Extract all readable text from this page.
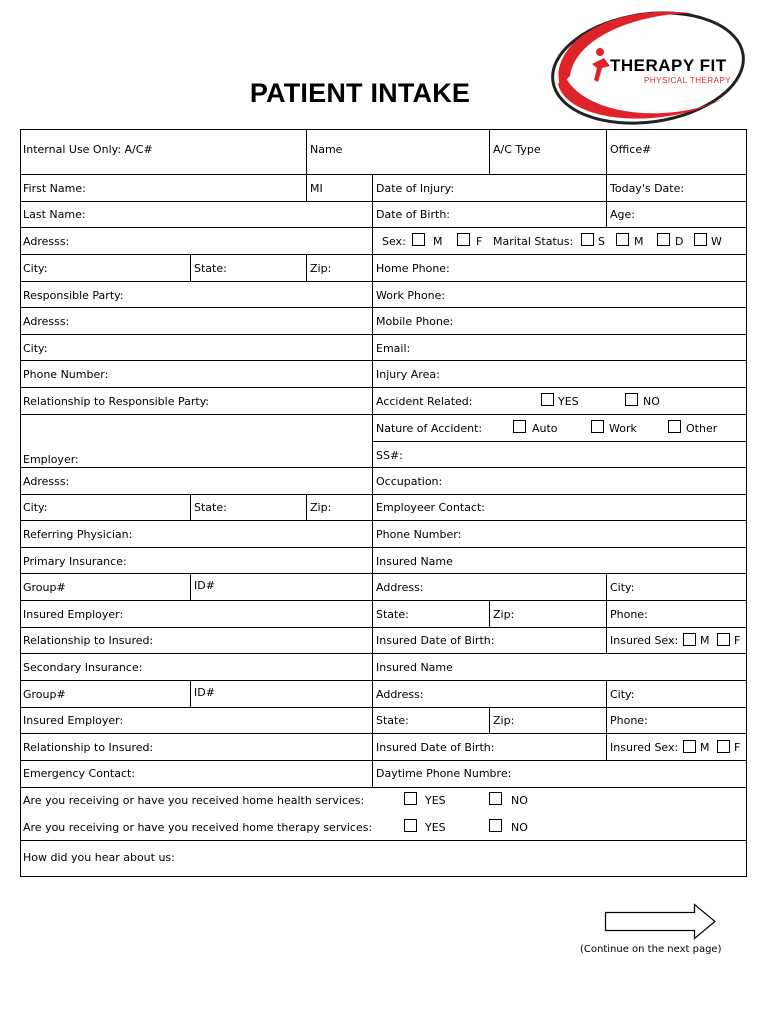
PATIENT INTAKE
THERAPY FIT
PHYSICAL THERAPY
Internal Use Only: A/C#	Name	A/C Type	Office#
First Name:	MI	Date of Injury:	Today's Date:
Last Name:	Date of Birth:	Age:
Adresss:	Sex: M	F Marital Status: S	M	D	W
City:	State:	Zip:	Home Phone:
Responsible Party:	Work Phone:
Adresss:	Mobile Phone:
City:	Email:
Phone Number:	Injury Area:
Relationship to Responsible Party:	Accident Related:	YES	NO
Nature of Accident:	Auto	Work	Other
Employer:	SS#:
Adresss:	Occupation:
City:	State:	Zip:	Employeer Contact:
Referring Physician:	Phone Number:
Primary Insurance:	Insured Name
Group#	ID#	Address:	City:
Insured Employer:	State:	Zip:	Phone:
Relationship to Insured:	Insured Date of Birth:	Insured Sex: M F
Secondary Insurance:	Insured Name
Group#	ID#	Address:	City:
Insured Employer:	State:	Zip:	Phone:
Relationship to Insured:	Insured Date of Birth:	Insured Sex: M F
Emergency Contact:	Daytime Phone Numbre:
Are you receiving or have you received home health services:	YES	NO
Are you receiving or have you received home therapy services:	YES	NO
How did you hear about us:
(Continue on the next page)
